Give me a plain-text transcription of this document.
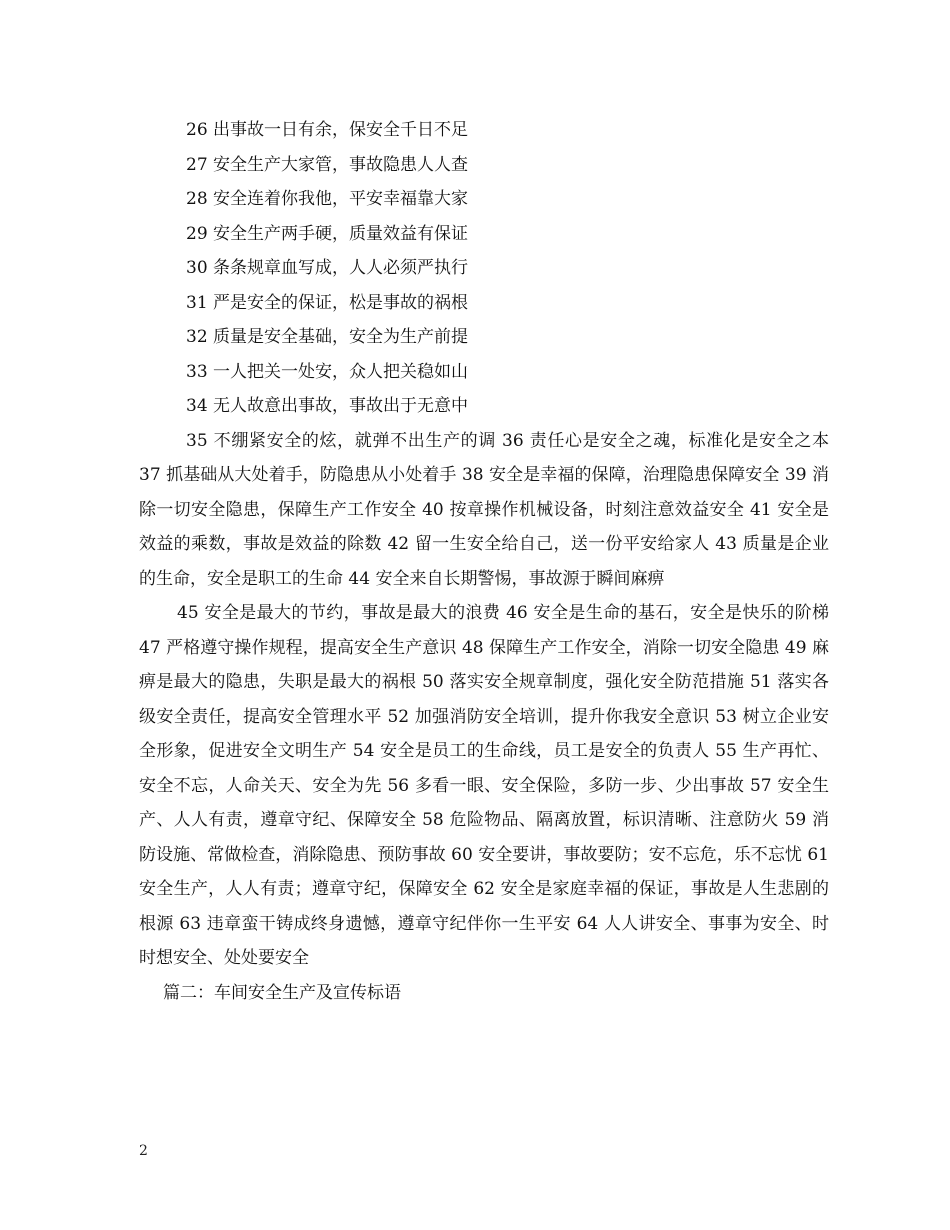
26 出事故一日有余，保安全千日不足

27 安全生产大家管，事故隐患人人查

28 安全连着你我他，平安幸福靠大家

29 安全生产两手硬，质量效益有保证

30 条条规章血写成，人人必须严执行

31 严是安全的保证，松是事故的祸根

32 质量是安全基础，安全为生产前提

33 一人把关一处安，众人把关稳如山

34 无人故意出事故，事故出于无意中

35 不绷紧安全的炫，就弹不出生产的调 36 责任心是安全之魂，标准化是安全之本 37 抓基础从大处着手，防隐患从小处着手 38 安全是幸福的保障，治理隐患保障安全 39 消除一切安全隐患，保障生产工作安全 40 按章操作机械设备，时刻注意效益安全 41 安全是效益的乘数，事故是效益的除数 42 留一生安全给自己，送一份平安给家人 43 质量是企业的生命，安全是职工的生命 44 安全来自长期警惕，事故源于瞬间麻痹

45 安全是最大的节约，事故是最大的浪费 46 安全是生命的基石，安全是快乐的阶梯 47 严格遵守操作规程，提高安全生产意识 48 保障生产工作安全，消除一切安全隐患 49 麻痹是最大的隐患，失职是最大的祸根 50 落实安全规章制度，强化安全防范措施 51 落实各级安全责任，提高安全管理水平 52 加强消防安全培训，提升你我安全意识 53 树立企业安全形象，促进安全文明生产 54 安全是员工的生命线，员工是安全的负责人 55 生产再忙、安全不忘，人命关天、安全为先 56 多看一眼、安全保险，多防一步、少出事故 57 安全生产、人人有责，遵章守纪、保障安全 58 危险物品、隔离放置，标识清晰、注意防火 59 消防设施、常做检查，消除隐患、预防事故 60 安全要讲，事故要防；安不忘危，乐不忘忧 61 安全生产，人人有责；遵章守纪，保障安全 62 安全是家庭幸福的保证，事故是人生悲剧的根源 63 违章蛮干铸成终身遗憾，遵章守纪伴你一生平安 64 人人讲安全、事事为安全、时时想安全、处处要安全

篇二：车间安全生产及宣传标语

2
